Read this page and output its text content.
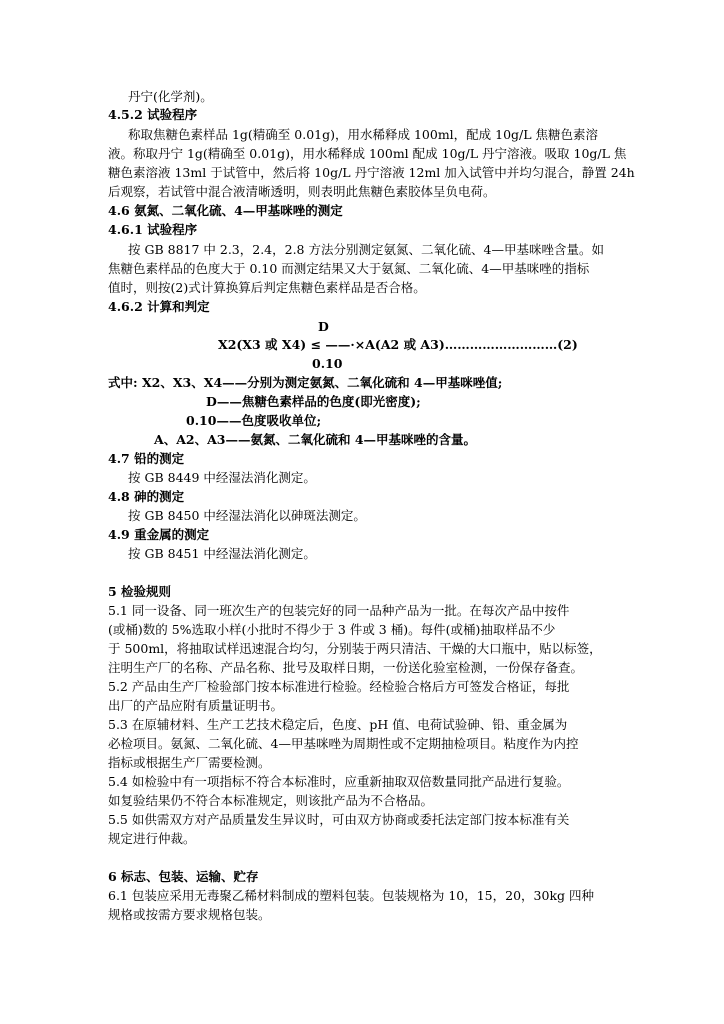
丹宁(化学剂)。
4.5.2 试验程序
称取焦糖色素样品 1g(精确至 0.01g)，用水稀释成 100ml，配成 10g/L 焦糖色素溶
液。称取丹宁 1g(精确至 0.01g)，用水稀释成 100ml 配成 10g/L 丹宁溶液。吸取 10g/L 焦
糖色素溶液 13ml 于试管中，然后将 10g/L 丹宁溶液 12ml 加入试管中并均匀混合，静置 24h
后观察，若试管中混合液清晰透明，则表明此焦糖色素胶体呈负电荷。
4.6 氨氮、二氧化硫、4—甲基咪唑的测定
4.6.1 试验程序
按 GB 8817 中 2.3，2.4，2.8 方法分别测定氨氮、二氧化硫、4—甲基咪唑含量。如
焦糖色素样品的色度大于 0.10 而测定结果又大于氨氮、二氧化硫、4—甲基咪唑的指标
值时，则按(2)式计算换算后判定焦糖色素样品是否合格。
4.6.2 计算和判定
D
X2(X3 或 X4) ≤ ——·×A(A2 或 A3)………………………(2)
0.10
式中: X2、X3、X4——分别为测定氨氮、二氧化硫和 4—甲基咪唑值;
D——焦糖色素样品的色度(即光密度);
0.10——色度吸收单位;
A、A2、A3——氨氮、二氧化硫和 4—甲基咪唑的含量。
4.7 铅的测定
按 GB 8449 中经湿法消化测定。
4.8 砷的测定
按 GB 8450 中经湿法消化以砷斑法测定。
4.9 重金属的测定
按 GB 8451 中经湿法消化测定。
5 检验规则
5.1 同一设备、同一班次生产的包装完好的同一品种产品为一批。在每次产品中按件
(或桶)数的 5%选取小样(小批时不得少于 3 件或 3 桶)。每件(或桶)抽取样品不少
于 500ml，将抽取试样迅速混合均匀，分别装于两只清洁、干燥的大口瓶中，贴以标签，
注明生产厂的名称、产品名称、批号及取样日期，一份送化验室检测，一份保存备查。
5.2 产品由生产厂检验部门按本标准进行检验。经检验合格后方可签发合格证，每批
出厂的产品应附有质量证明书。
5.3 在原辅材料、生产工艺技术稳定后，色度、pH 值、电荷试验砷、铅、重金属为
必检项目。氨氮、二氧化硫、4—甲基咪唑为周期性或不定期抽检项目。粘度作为内控
指标或根据生产厂需要检测。
5.4 如检验中有一项指标不符合本标准时，应重新抽取双倍数量同批产品进行复验。
如复验结果仍不符合本标准规定，则该批产品为不合格品。
5.5 如供需双方对产品质量发生异议时，可由双方协商或委托法定部门按本标准有关
规定进行仲裁。
6 标志、包装、运输、贮存
6.1 包装应采用无毒聚乙稀材料制成的塑料包装。包装规格为 10，15，20，30kg 四种
规格或按需方要求规格包装。
